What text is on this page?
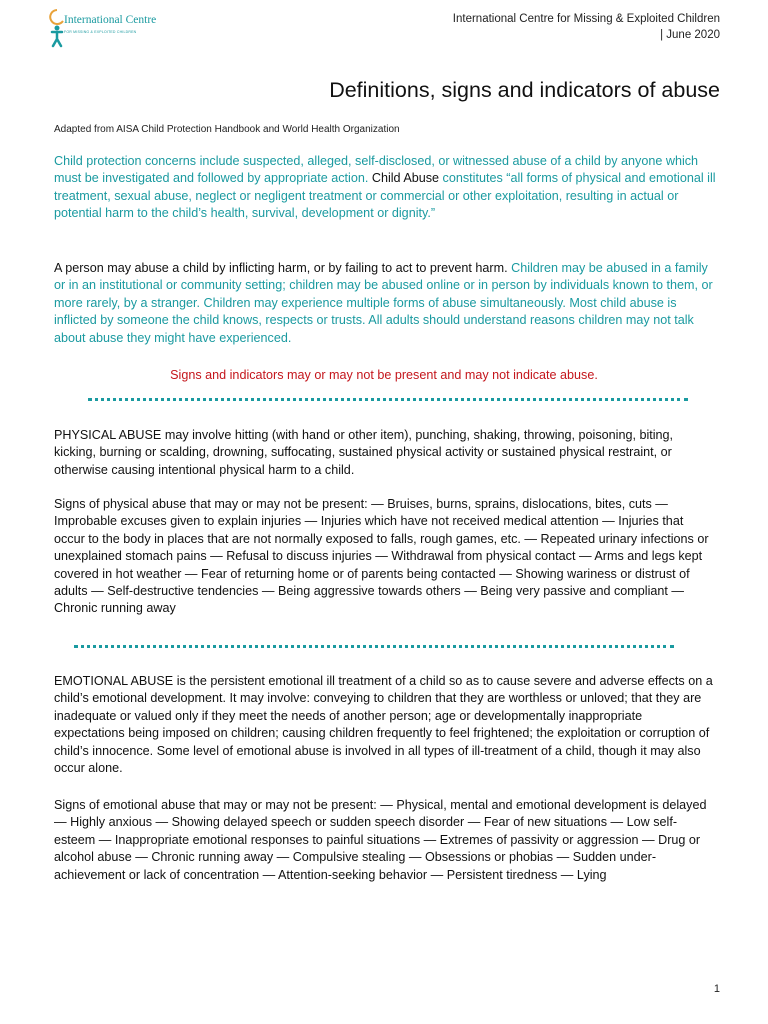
International Centre
FOR MISSING & EXPLOITED CHILDREN
International Centre for Missing & Exploited Children
| June 2020
Definitions, signs and indicators of abuse
Adapted from AISA Child Protection Handbook and World Health Organization

Child protection concerns include suspected, alleged, self-disclosed, or witnessed abuse of a child by anyone which must be investigated and followed by appropriate action. Child Abuse constitutes “all forms of physical and emotional ill treatment, sexual abuse, neglect or negligent treatment or commercial or other exploitation, resulting in actual or potential harm to the child’s health, survival, development or dignity.”

A person may abuse a child by inflicting harm, or by failing to act to prevent harm. Children may be abused in a family or in an institutional or community setting; children may be abused online or in person by individuals known to them, or more rarely, by a stranger. Children may experience multiple forms of abuse simultaneously. Most child abuse is inflicted by someone the child knows, respects or trusts. All adults should understand reasons children may not talk about abuse they might have experienced.

Signs and indicators may or may not be present and may not indicate abuse.

PHYSICAL ABUSE may involve hitting (with hand or other item), punching, shaking, throwing, poisoning, biting, kicking, burning or scalding, drowning, suffocating, sustained physical activity or sustained physical restraint, or otherwise causing intentional physical harm to a child.

Signs of physical abuse that may or may not be present: — Bruises, burns, sprains, dislocations, bites, cuts — Improbable excuses given to explain injuries — Injuries which have not received medical attention — Injuries that occur to the body in places that are not normally exposed to falls, rough games, etc. — Repeated urinary infections or unexplained stomach pains — Refusal to discuss injuries — Withdrawal from physical contact — Arms and legs kept covered in hot weather — Fear of returning home or of parents being contacted — Showing wariness or distrust of adults — Self-destructive tendencies — Being aggressive towards others — Being very passive and compliant — Chronic running away

EMOTIONAL ABUSE is the persistent emotional ill treatment of a child so as to cause severe and adverse effects on a child’s emotional development. It may involve: conveying to children that they are worthless or unloved; that they are inadequate or valued only if they meet the needs of another person; age or developmentally inappropriate expectations being imposed on children; causing children frequently to feel frightened; the exploitation or corruption of child’s innocence. Some level of emotional abuse is involved in all types of ill-treatment of a child, though it may also occur alone.

Signs of emotional abuse that may or may not be present: — Physical, mental and emotional development is delayed — Highly anxious — Showing delayed speech or sudden speech disorder — Fear of new situations — Low self-esteem — Inappropriate emotional responses to painful situations — Extremes of passivity or aggression — Drug or alcohol abuse — Chronic running away — Compulsive stealing — Obsessions or phobias — Sudden under-achievement or lack of concentration — Attention-seeking behavior — Persistent tiredness — Lying

1
